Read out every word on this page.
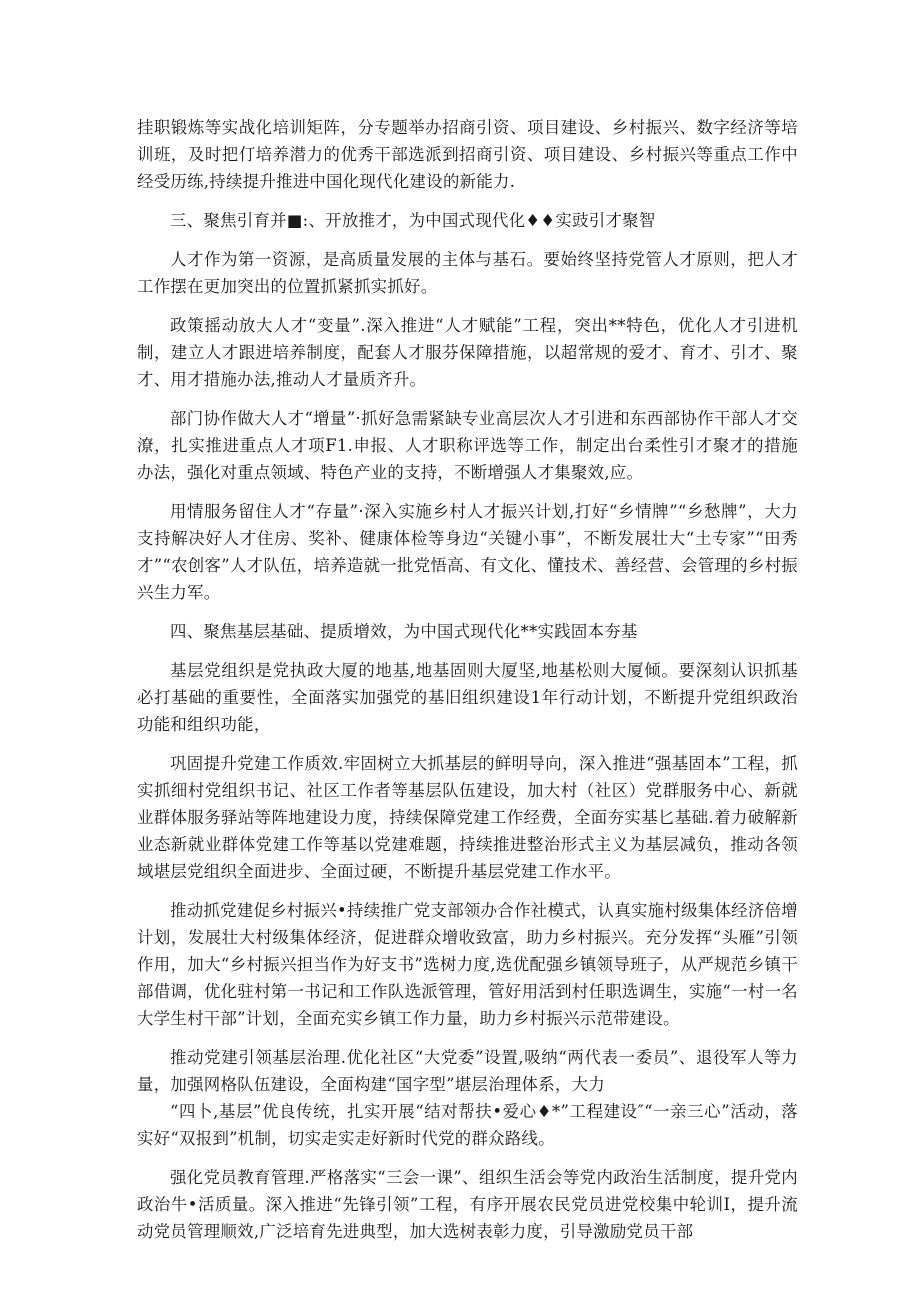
挂职锻炼等实战化培训矩阵，分专题举办招商引资、项目建设、乡村振兴、数字经济等培训班，及时把仃培养潜力的优秀干部选派到招商引资、项目建设、乡村振兴等重点工作中经受历练,持续提升推进中国化现代化建设的新能力.

三、聚焦引育并■:、开放推才，为中国式现代化♦♦实豉引才聚智

人才作为第一资源，是高质量发展的主体与基石。要始终坚持党管人才原则，把人才工作摆在更加突出的位置抓紧抓实抓好。

政策摇动放大人才“变量”.深入推进“人才赋能”工程，突出**特色，优化人才引进机制，建立人才跟进培养制度，配套人才服芬保障措施，以超常规的爱才、育才、引才、聚才、用才措施办法,推动人才量质齐升。

部门协作做大人才“增量”·抓好急需紧缺专业高层次人才引进和东西部协作干部人才交潦，扎实推进重点人才项F1.申报、人才职称评选等工作，制定出台柔性引才聚才的措施办法，强化对重点领域、特色产业的支持，不断增强人才集聚效,应。

用情服务留住人才“存量”·深入实施乡村人才振兴计划,打好“乡情牌”“乡愁牌”，大力支持解决好人才住房、奖补、健康体检等身边“关键小事”，不断发展壮大“土专家”“田秀才”“农创客”人才队伍，培养造就一批党悟高、有文化、懂技术、善经营、会管理的乡村振兴生力军。

四、聚焦基层基础、提质增效，为中国式现代化**实践固本夯基

基层党组织是党执政大厦的地基,地基固则大厦坚,地基松则大厦倾。要深刻认识抓基必打基础的重要性，全面落实加强党的基旧组织建设1年行动计划，不断提升党组织政治功能和组织功能，

巩固提升党建工作质效.牢固树立大抓基层的鲜明导向，深入推进“强基固本”工程，抓实抓细村党组织书记、社区工作者等基层队伍建设，加大村（社区）党群服务中心、新就业群体服务驿站等阵地建设力度，持续保障党建工作经费，全面夯实基匕基础.着力破解新业态新就业群体党建工作等基以党建难题，持续推进整治形式主义为基层减负，推动各领域堪层党组织全面进步、全面过硬，不断提升基层党建工作水平。

推动抓党建促乡村振兴•持续推广党支部领办合作社模式，认真实施村级集体经济倍增计划，发展壮大村级集体经济，促进群众增收致富，助力乡村振兴。充分发挥“头雁”引领作用，加大“乡村振兴担当作为好支书”选树力度,选优配强乡镇领导班子，从严规范乡镇干部借调，优化驻村第一书记和工作队选派管理，管好用活到村任职选调生，实施“一村一名大学生村干部”计划，全面充实乡镇工作力量，助力乡村振兴示范带建设。

推动党建引领基层治理.优化社区“大党委”设置,吸纳“两代表一委员”、退役军人等力量，加强网格队伍建设，全面构建“国字型”堪层治理体系，大力

“四卜,基层”优良传统，扎实开展“结对帮扶•爱心♦*”工程建设″“一亲三心”活动，落实好“双报到”机制，切实走实走好新时代党的群众路线。

强化党员教育管理.严格落实“三会一课”、组织生活会等党内政治生活制度，提升党内政治牛•活质量。深入推进“先锋引领”工程，有序开展农民党员进党校集中轮训I，提升流动党员管理顺效,广泛培育先进典型，加大选树表彰力度，引导激励党员干部
